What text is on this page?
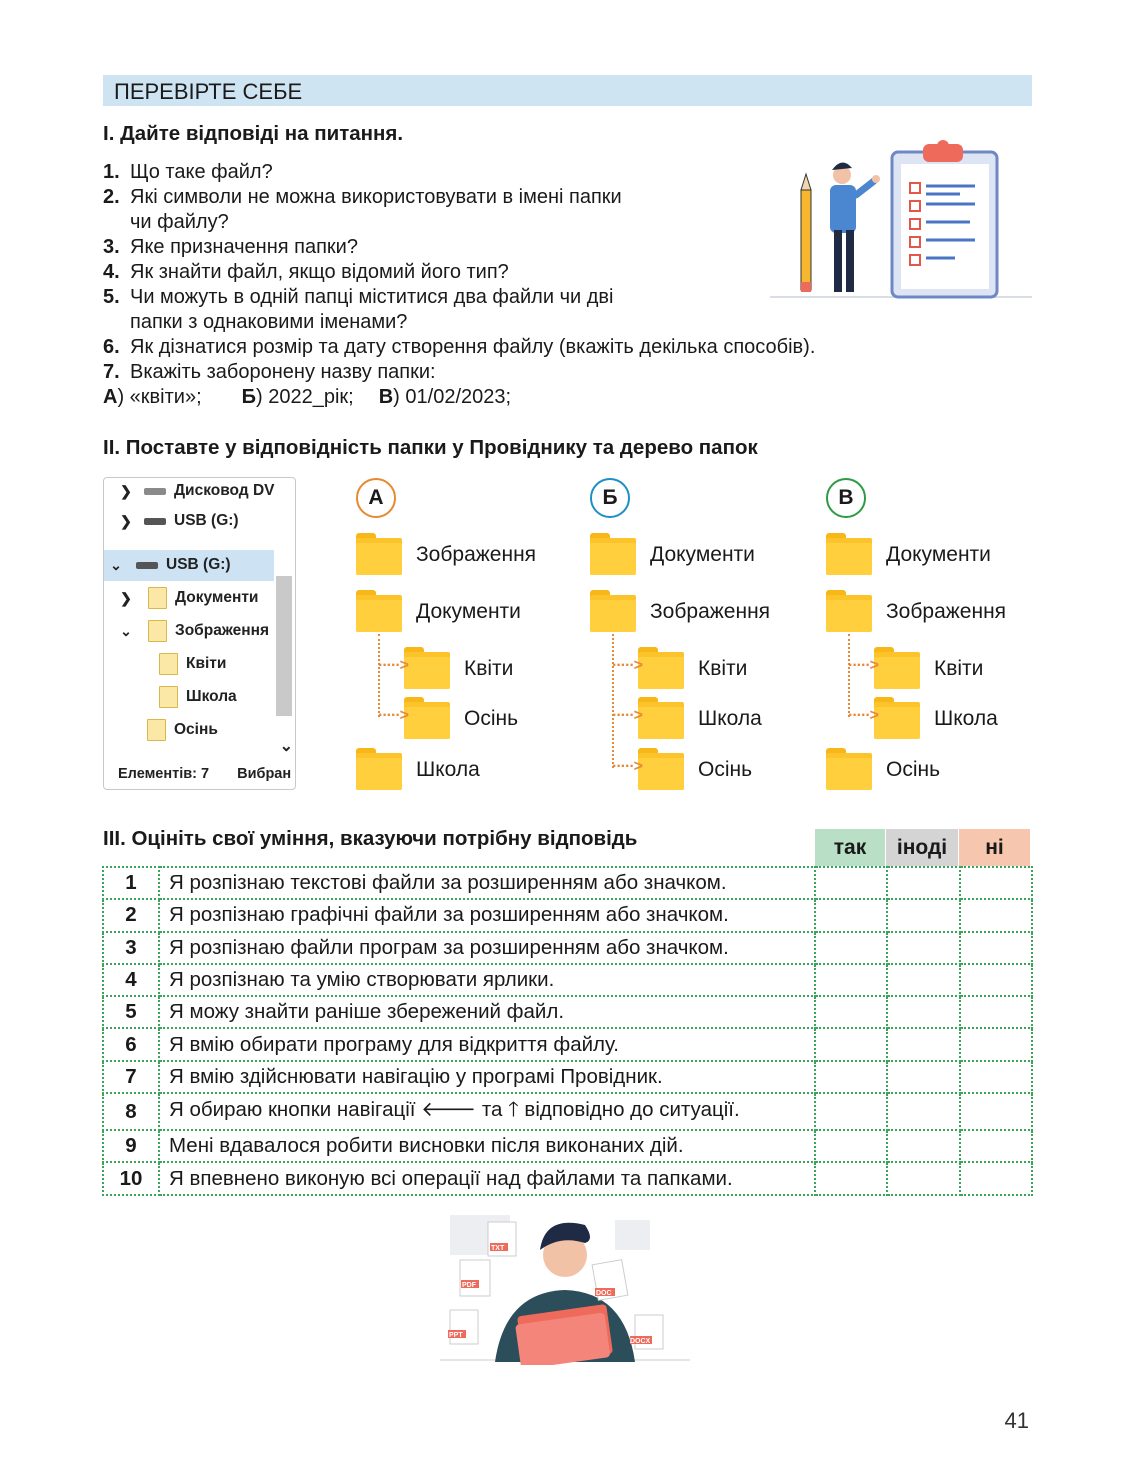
ПЕРЕВІРТЕ СЕБЕ
I. Дайте відповіді на питання.
1. Що таке файл?
2. Які символи не можна використовувати в імені папки
чи файлу?
3. Яке призначення папки?
4. Як знайти файл, якщо відомий його тип?
5. Чи можуть в одній папці міститися два файли чи дві
папки з однаковими іменами?
6. Як дізнатися розмір та дату створення файлу (вкажіть декілька способів).
7. Вкажіть заборонену назву папки:
А ) «квіти»; Б ) 2022_рік; В ) 01/02/2023;
II. Поставте у відповідність папки у Провіднику та дерево папок
❯	Дисковод DV
❯	USB (G:)
⌄	USB (G:)
❯	Документи
⌄	Зображення
Квіти
Школа
Осінь
⌄
Елементів: 7 Вибран
А
Зображення
Документи
Квіти
·····>
Осінь
·····>
Школа
Б
Документи
Зображення
Квіти
·····>
Школа
·····>
Осінь
·····>
В
Документи
Зображення
Квіти
·····>
Школа
·····>
Осінь
III. Оцініть свої уміння, вказуючи потрібну відповідь	так	іноді	ні
1	Я розпізнаю текстові файли за розширенням або значком.			
2	Я розпізнаю графічні файли за розширенням або значком.			
3	Я розпізнаю файли програм за розширенням або значком.			
4	Я розпізнаю та умію створювати ярлики.			
5	Я можу знайти раніше збережений файл.			
6	Я вмію обирати програму для відкриття файлу.			
7	Я вмію здійснювати навігацію у програмі Провідник.			
8	Я обираю кнопки навігації 🡐 та 🡑 відповідно до ситуації.			
9	Мені вдавалося робити висновки після виконаних дій.			
10	Я впевнено виконую всі операції над файлами та папками.			
TXT
PDF
DOC
PPT
DOCX
41
